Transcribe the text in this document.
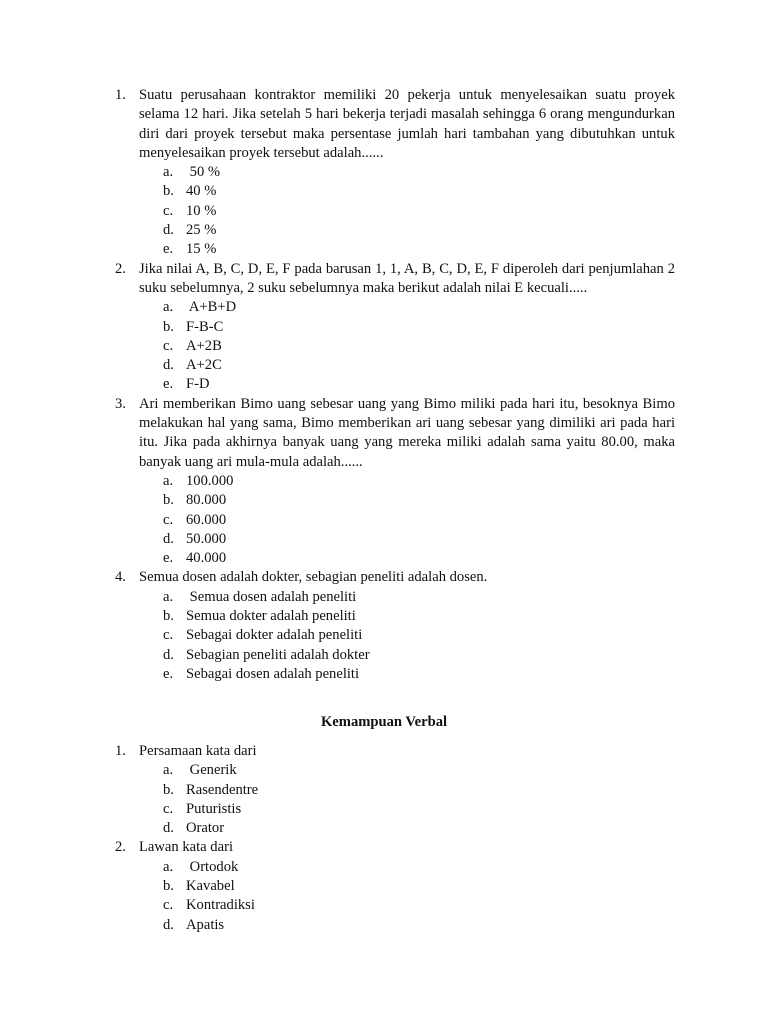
1. Suatu perusahaan kontraktor memiliki 20 pekerja untuk menyelesaikan suatu proyek selama 12 hari. Jika setelah 5 hari bekerja terjadi masalah sehingga 6 orang mengundurkan diri dari proyek tersebut maka persentase jumlah hari tambahan yang dibutuhkan untuk menyelesaikan proyek tersebut adalah......
a. 50 %
b. 40 %
c. 10 %
d. 25 %
e. 15 %
2. Jika nilai A, B, C, D, E, F pada barusan 1, 1, A, B, C, D, E, F diperoleh dari penjumlahan 2 suku sebelumnya, 2 suku sebelumnya maka berikut adalah nilai E kecuali.....
a. A+B+D
b. F-B-C
c. A+2B
d. A+2C
e. F-D
3. Ari memberikan Bimo uang sebesar uang yang Bimo miliki pada hari itu, besoknya Bimo melakukan hal yang sama, Bimo memberikan ari uang sebesar yang dimiliki ari pada hari itu. Jika pada akhirnya banyak uang yang mereka miliki adalah sama yaitu 80.00, maka banyak uang ari mula-mula adalah......
a. 100.000
b. 80.000
c. 60.000
d. 50.000
e. 40.000
4. Semua dosen adalah dokter, sebagian peneliti adalah dosen.
a. Semua dosen adalah peneliti
b. Semua dokter adalah peneliti
c. Sebagai dokter adalah peneliti
d. Sebagian peneliti adalah dokter
e. Sebagai dosen adalah peneliti
Kemampuan Verbal
1. Persamaan kata dari
a. Generik
b. Rasendentre
c. Puturistis
d. Orator
2. Lawan kata dari
a. Ortodok
b. Kavabel
c. Kontradiksi
d. Apatis
